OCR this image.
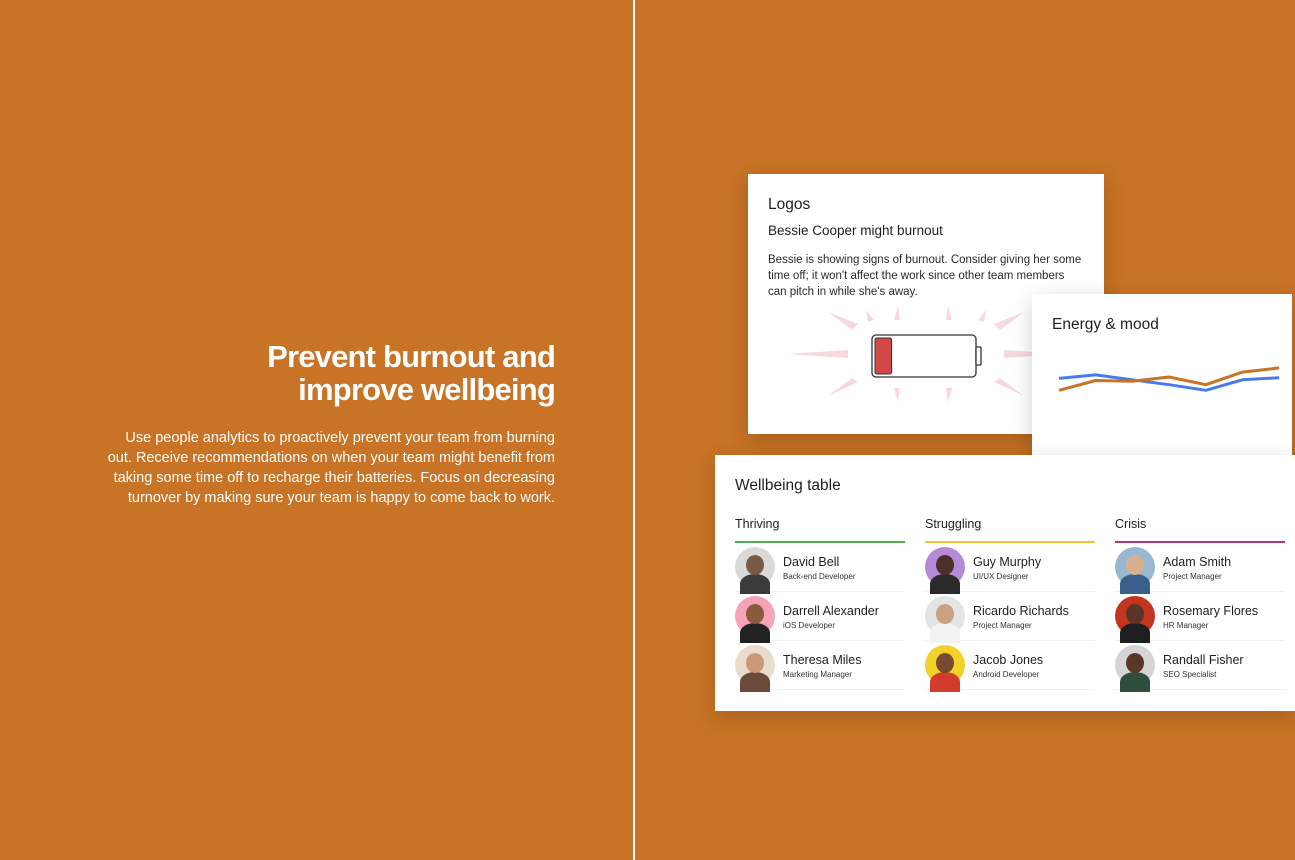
Prevent burnout and
improve wellbeing

Use people analytics to proactively prevent your team from burning out. Receive recommendations on when your team might benefit from taking some time off to recharge their batteries. Focus on decreasing turnover by making sure your team is happy to come back to work.

Logos
Bessie Cooper might burnout
Bessie is showing signs of burnout. Consider giving her some time off; it won't affect the work since other team members can pitch in while she's away.
Energy & mood
Wellbeing table
Thriving
David Bell
Back-end Developer
Darrell Alexander
iOS Developer
Theresa Miles
Marketing Manager
Struggling
Guy Murphy
UI/UX Designer
Ricardo Richards
Project Manager
Jacob Jones
Android Developer
Crisis
Adam Smith
Project Manager
Rosemary Flores
HR Manager
Randall Fisher
SEO Specialist
